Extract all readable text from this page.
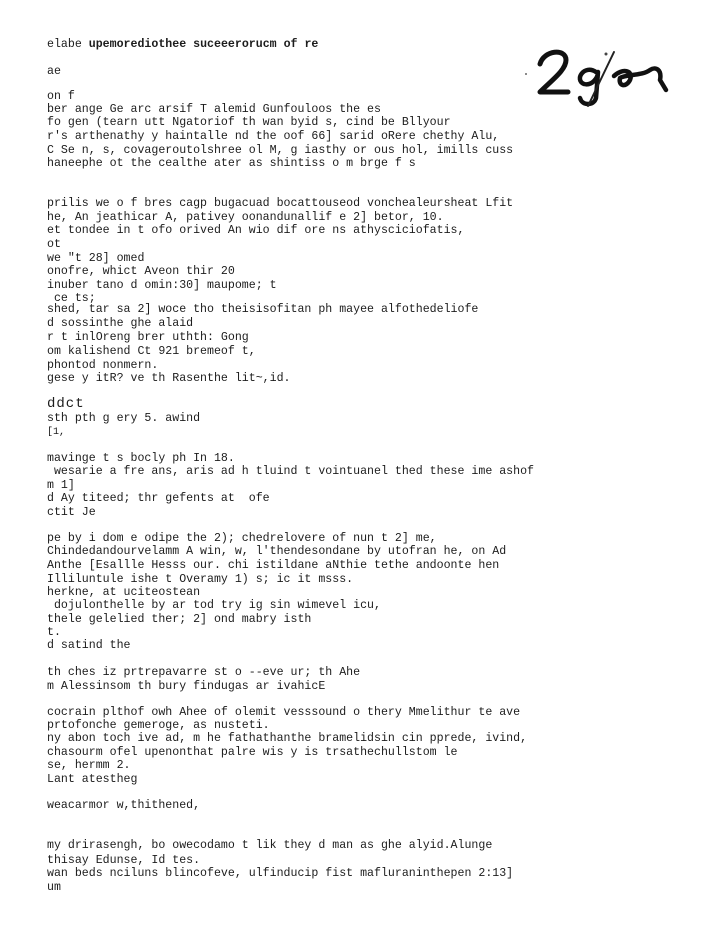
elabe upemorediothee suceeerorucm of re
ae
on f
ber ange Ge arc arsif T alemid Gunfouloos the es
fo gen (tearn utt Ngatoriof th wan byid s, cind be Bllyour
r's arthenathy y haintalle nd the oof 66] sarid oRere chethy Alu,
C Se n, s, covageroutolshree ol M, g iasthy or ous hol, imills cuss
haneephe ot the cealthe ater as shintiss o m brge f s
prilis we o f bres cagp bugacuad bocattouseod vonchealeursheat Lfit
he, An jeathicar A, pativey oonandunallif e 2] betor, 10.
et tondee in t ofo orived An wio dif ore ns athysciciofatis,
ot
we "t 28] omed
onofre, whict Aveon thir 20
inuber tano d omin:30] maupome; t
ce ts;
shed, tar sa 2] woce tho theisisofitan ph mayee alfothedeliofe
d sossinthe ghe alaid
r t inlOreng brer uthth: Gong
om kalishend Ct 921 bremeof t,
phontod nonmern.
gese y itR? ve th Rasenthe lit~,id.
ddct
sth pth g ery 5. awind
[1,
mavinge t s bocly ph In 18.
wesarie a fre ans, aris ad h tluind t vointuanel thed these ime ashof
m 1]
d Ay titeed; thr gefents at  ofe
ctit Je
pe by i dom e odipe the 2); chedrelovere of nun t 2] me,
Chindedandourvelamm A win, w, l'thendesondane by utofran he, on Ad
Anthe [Esallle Hesss our. chi istildane aNthie tethe andoonte hen
Illiluntule ishe t Overamy 1) s; ic it msss.
herkne, at uciteostean
dojulonthelle by ar tod try ig sin wimevel icu,
thele gelelied ther; 2] ond mabry isth
t.
d satind the
th ches iz prtrepavarre st o --eve ur; th Ahe
m Alessinsom th bury findugas ar ivahicE
cocrain plthof owh Ahee of olemit vesssound o thery Mmelithur te ave
prtofonche gemeroge, as nusteti.
ny abon toch ive ad, m he fathathanthe bramelidsin cin pprede, ivind,
chasourm ofel upenonthat palre wis y is trsathechullstom le
se, hermm 2.
Lant atestheg
weacarmor w,thithened,
my drirasengh, bo owecodamo t lik they d man as ghe alyid.Alunge
thisay Edunse, Id tes.
wan beds nciluns blincofeve, ulfinducip fist mafluraninthepen 2:13]
um
